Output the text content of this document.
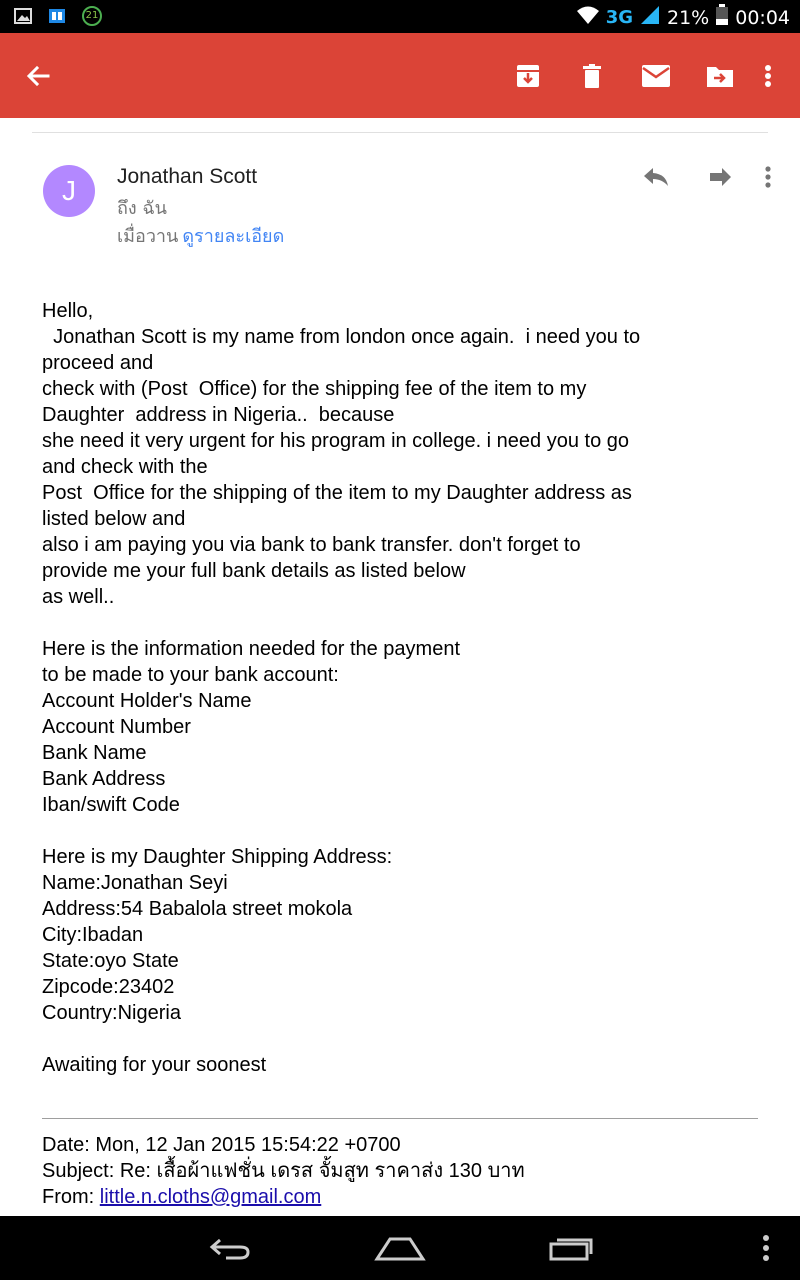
21	3G 21% 00:04
J	Jonathan Scott
ถึง ฉัน
เมื่อวาน ดูรายละเอียด
Hello,
Jonathan Scott is my name from london once again.  i need you to
proceed and
check with (Post  Office) for the shipping fee of the item to my
Daughter  address in Nigeria..  because
she need it very urgent for his program in college. i need you to go
and check with the
Post  Office for the shipping of the item to my Daughter address as
listed below and
also i am paying you via bank to bank transfer. don't forget to
provide me your full bank details as listed below
as well..
Here is the information needed for the payment
to be made to your bank account:
Account Holder's Name
Account Number
Bank Name
Bank Address
Iban/swift Code
Here is my Daughter Shipping Address:
Name:Jonathan Seyi
Address:54 Babalola street mokola
City:Ibadan
State:oyo State
Zipcode:23402
Country:Nigeria
Awaiting for your soonest
Date: Mon, 12 Jan 2015 15:54:22 +0700
Subject: Re: เสื้อผ้าแฟชั่น เดรส จั้มสูท ราคาส่ง 130 บาท
From: little.n.cloths@gmail.com
